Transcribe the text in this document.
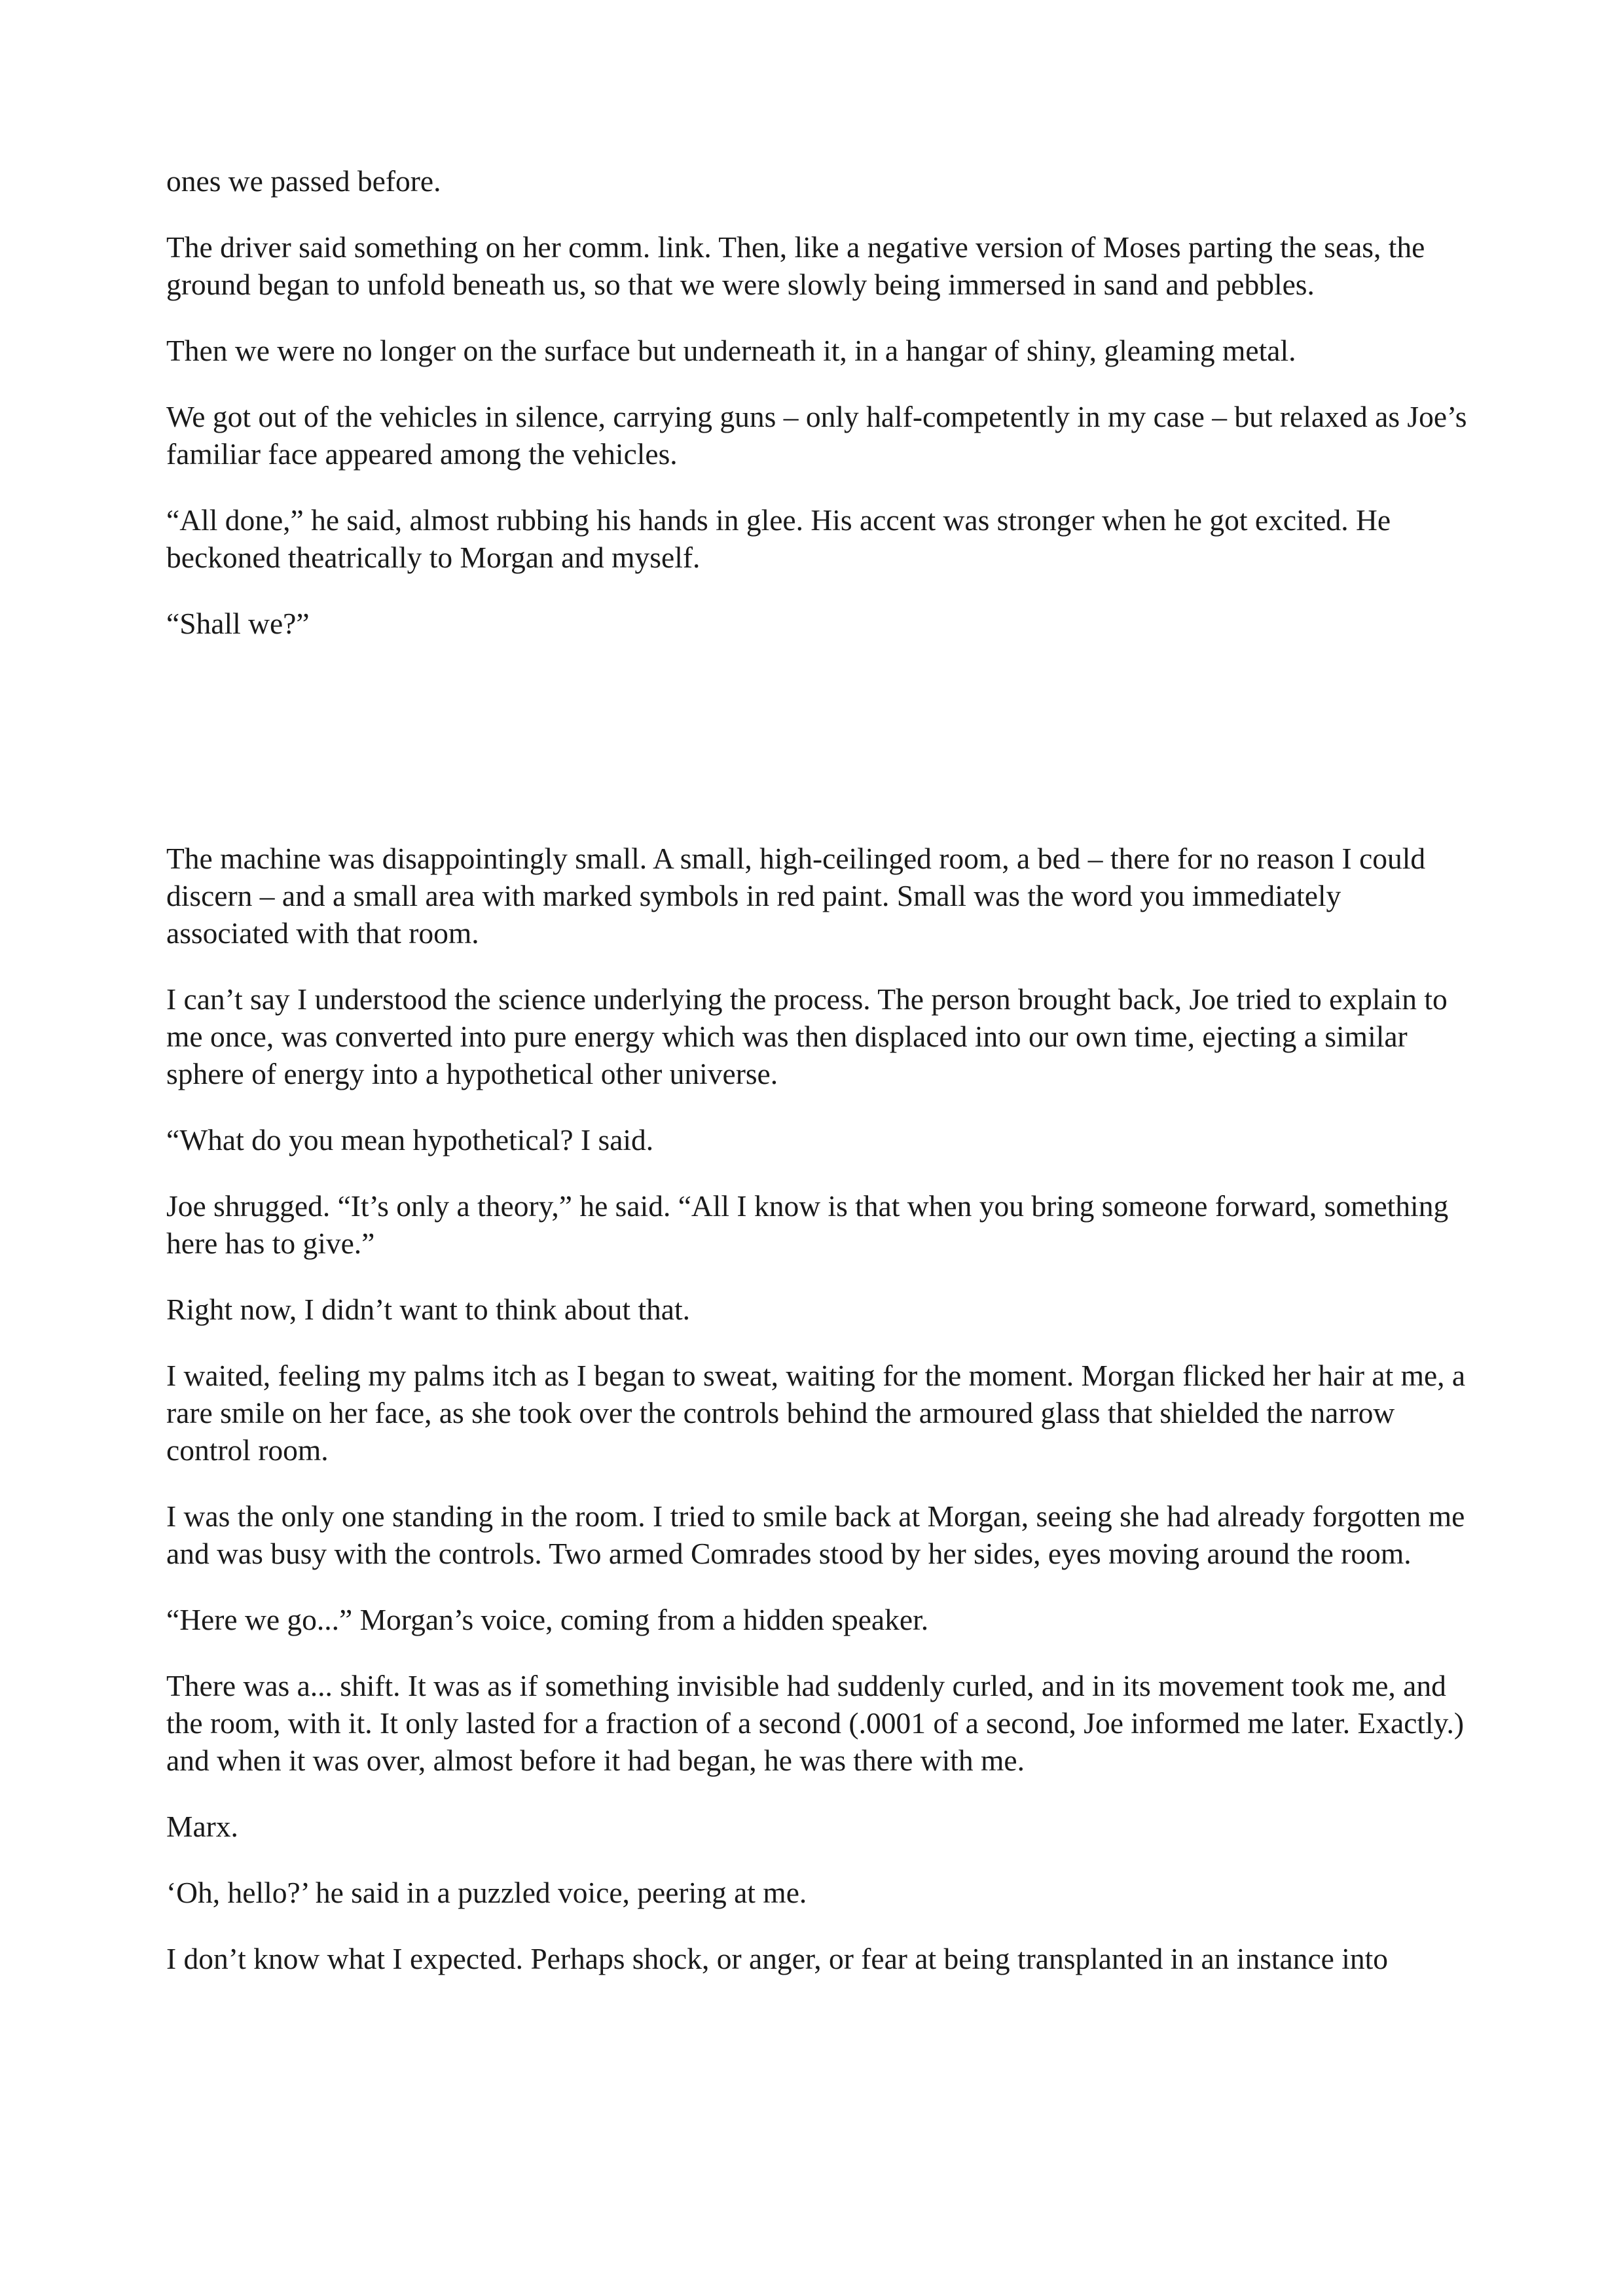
ones we passed before.

The driver said something on her comm. link. Then, like a negative version of Moses parting the seas, the ground began to unfold beneath us, so that we were slowly being immersed in sand and pebbles.

Then we were no longer on the surface but underneath it, in a hangar of shiny, gleaming metal.

We got out of the vehicles in silence, carrying guns – only half-competently in my case – but relaxed as Joe’s familiar face appeared among the vehicles.

“All done,” he said, almost rubbing his hands in glee. His accent was stronger when he got excited. He beckoned theatrically to Morgan and myself.

“Shall we?”

The machine was disappointingly small. A small, high-ceilinged room, a bed – there for no reason I could discern – and a small area with marked symbols in red paint. Small was the word you immediately associated with that room.

I can’t say I understood the science underlying the process. The person brought back, Joe tried to explain to me once, was converted into pure energy which was then displaced into our own time, ejecting a similar sphere of energy into a hypothetical other universe.

“What do you mean hypothetical? I said.

Joe shrugged. “It’s only a theory,” he said. “All I know is that when you bring someone forward, something here has to give.”

Right now, I didn’t want to think about that.

I waited, feeling my palms itch as I began to sweat, waiting for the moment. Morgan flicked her hair at me, a rare smile on her face, as she took over the controls behind the armoured glass that shielded the narrow control room.

I was the only one standing in the room. I tried to smile back at Morgan, seeing she had already forgotten me and was busy with the controls. Two armed Comrades stood by her sides, eyes moving around the room.

“Here we go...” Morgan’s voice, coming from a hidden speaker.

There was a... shift. It was as if something invisible had suddenly curled, and in its movement took me, and the room, with it. It only lasted for a fraction of a second (.0001 of a second, Joe informed me later. Exactly.) and when it was over, almost before it had began, he was there with me.

Marx.

‘Oh, hello?’ he said in a puzzled voice, peering at me.

I don’t know what I expected. Perhaps shock, or anger, or fear at being transplanted in an instance into
